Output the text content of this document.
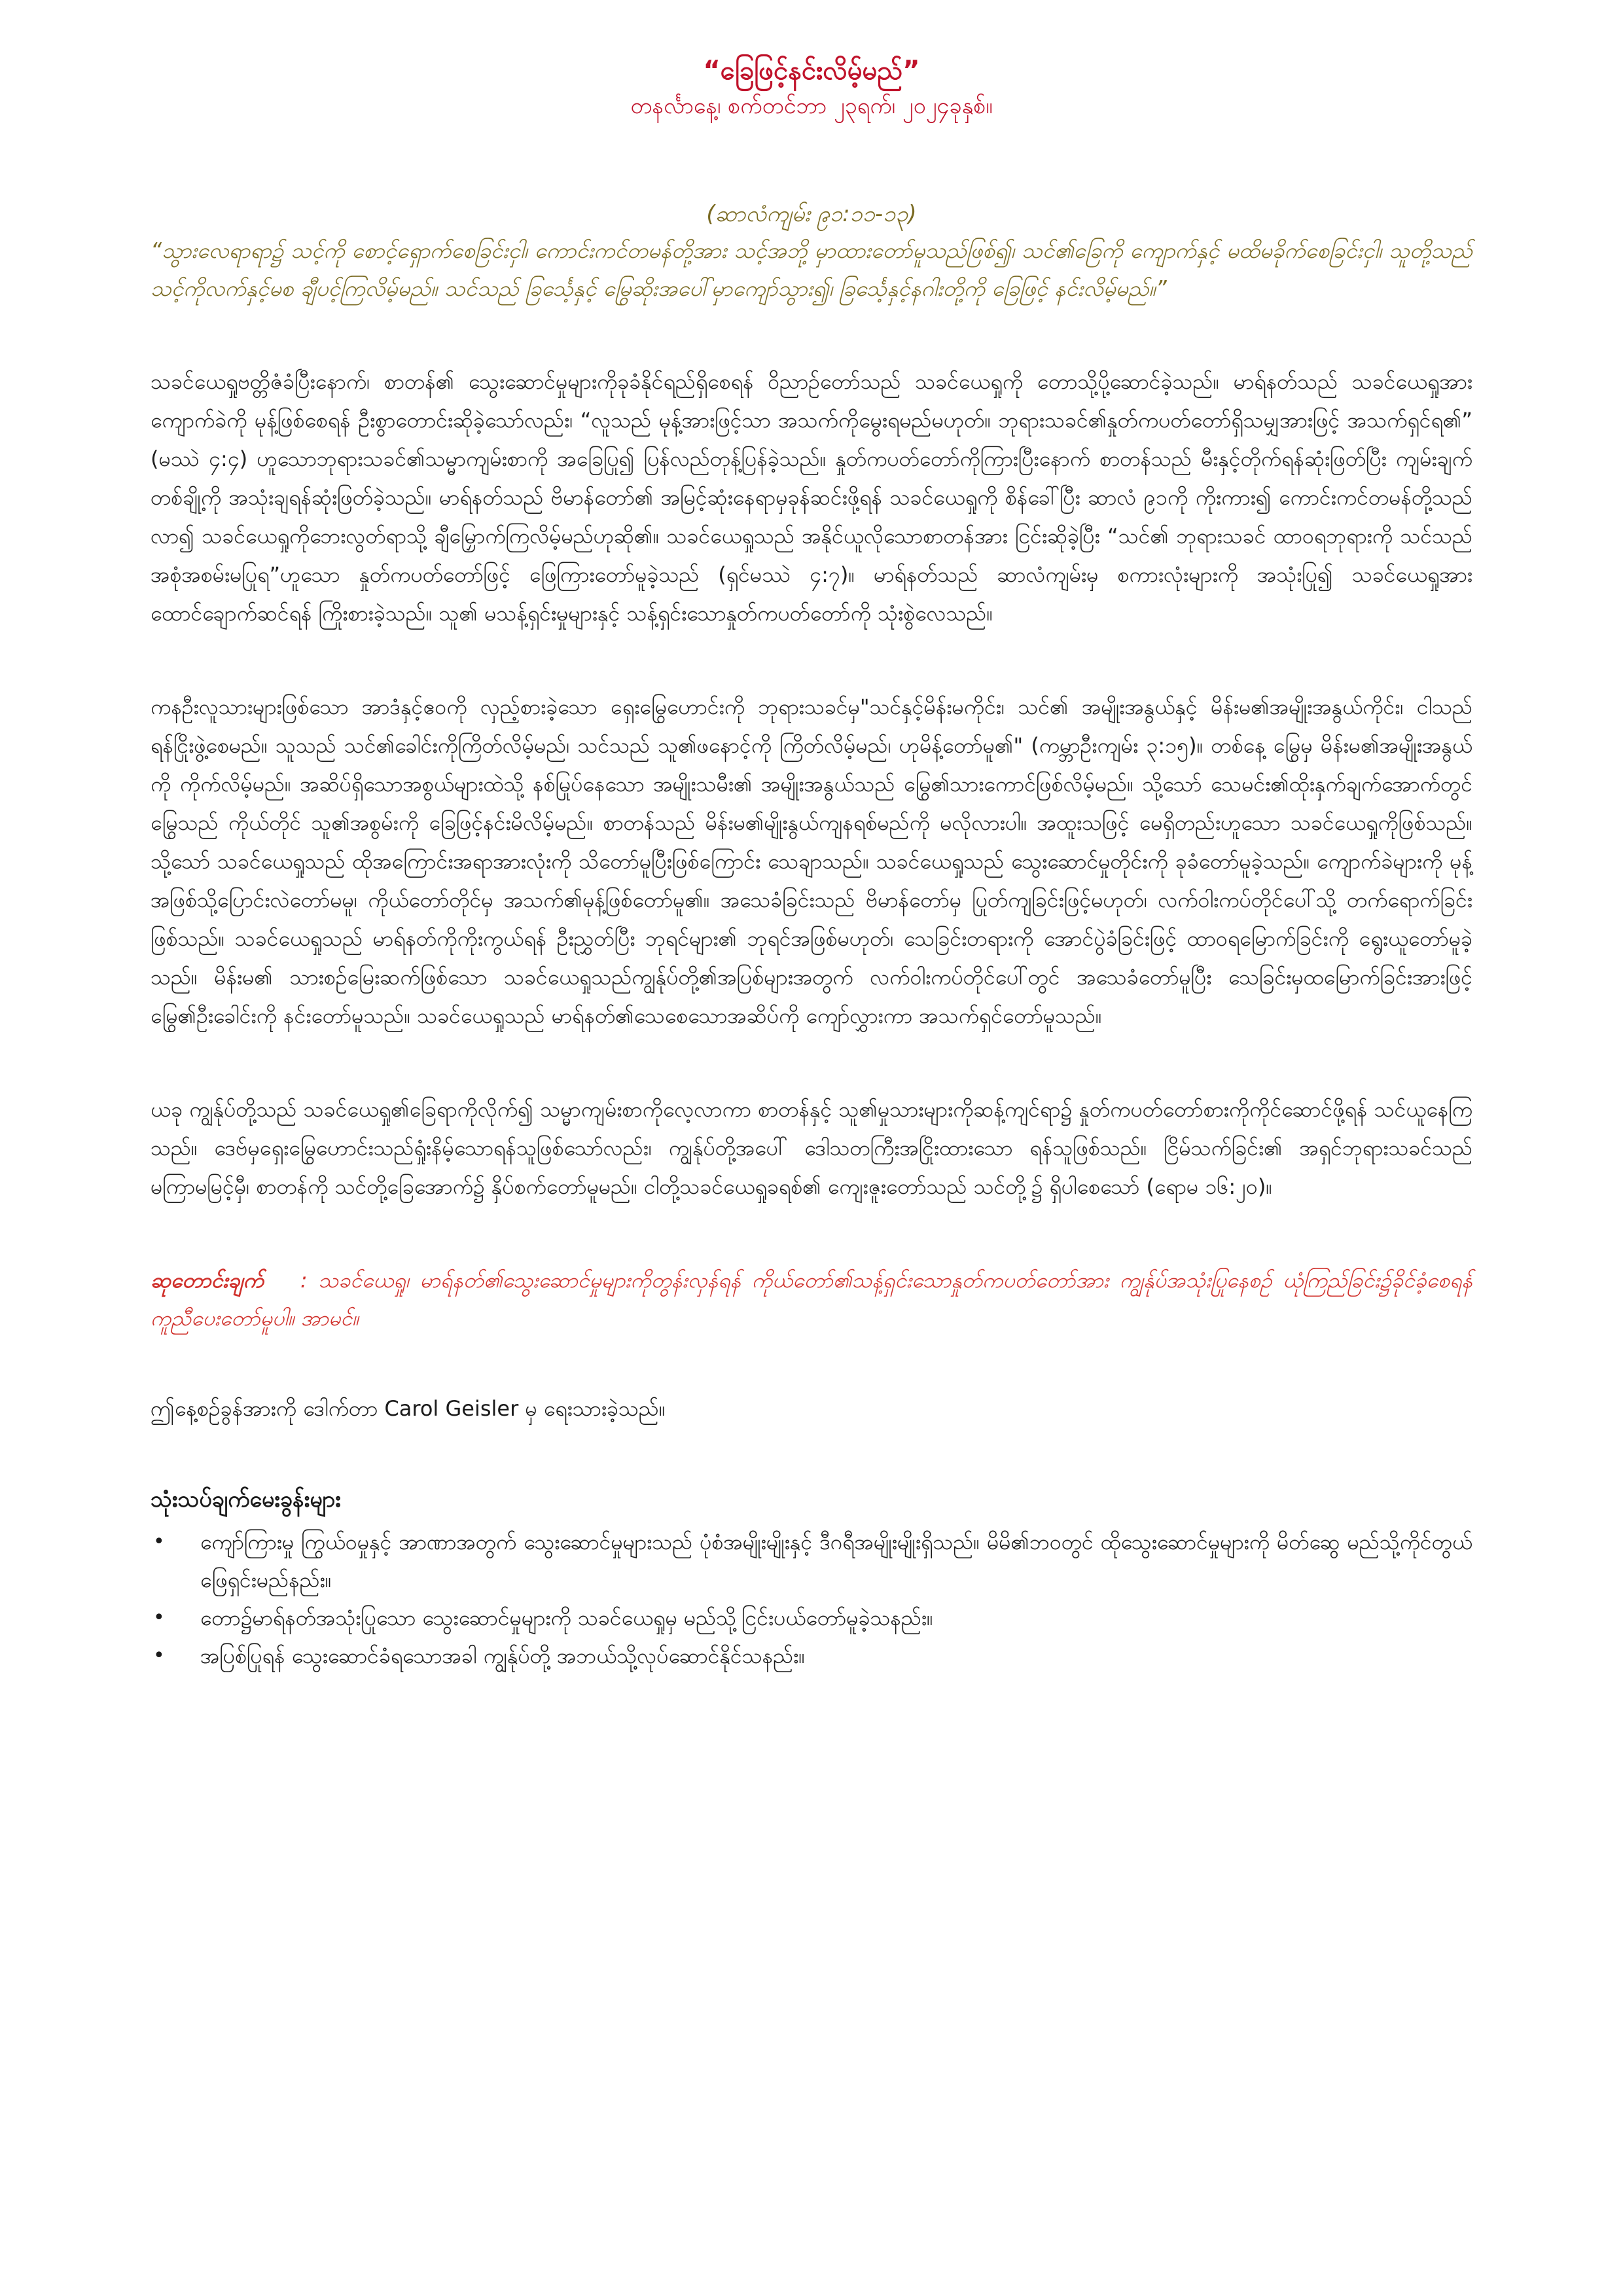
“ခြေဖြင့်နင်းလိမ့်မည်”

တနင်္လာနေ့၊ စက်တင်ဘာ ၂၃ရက်၊ ၂၀၂၄ခုနှစ်။

(ဆာလံကျမ်း ၉၁:၁၁-၁၃)

“သွားလေရာရာ၌ သင့်ကို စောင့်ရှောက်စေခြင်းငှါ၊ ကောင်းကင်တမန်တို့အား သင့်အဘို့ မှာထားတော်မူသည်ဖြစ်၍၊ သင်၏ခြေကို ကျောက်နှင့် မထိမခိုက်စေခြင်းငှါ၊ သူတို့သည် သင့်ကိုလက်နှင့်မစ ချီပင့်ကြလိမ့်မည်။ သင်သည် ခြင်္သေ့နှင့် မြွေဆိုးအပေါ်မှာကျော်သွား၍၊ ခြင်္သေ့နှင့်နဂါးတို့ကို ခြေဖြင့် နင်းလိမ့်မည်။”

သခင်ယေရှုဗတ္တိဇံခံပြီးနောက်၊ စာတန်၏ သွေးဆောင်မှုများကိုခုခံနိုင်ရည်ရှိစေရန် ဝိညာဉ်တော်သည် သခင်ယေရှုကို တောသို့ပို့ဆောင်ခဲ့သည်။ မာရ်နတ်သည် သခင်ယေရှုအား ကျောက်ခဲကို မုန့်ဖြစ်စေရန် ဦးစွာတောင်းဆိုခဲ့သော်လည်း၊ “လူသည် မုန့်အားဖြင့်သာ အသက်ကိုမွေးရမည်မဟုတ်။ ဘုရားသခင်၏နှုတ်ကပတ်တော်ရှိသမျှအားဖြင့် အသက်ရှင်ရ၏” (မဿဲ ၄:၄) ဟူသောဘုရားသခင်၏သမ္မာကျမ်းစာကို အခြေပြု၍ ပြန်လည်တုန့်ပြန်ခဲ့သည်။ နှုတ်ကပတ်တော်ကိုကြားပြီးနောက် စာတန်သည် မီးနှင့်တိုက်ရန်ဆုံးဖြတ်ပြီး ကျမ်းချက်တစ်ချို့ကို အသုံးချရန်ဆုံးဖြတ်ခဲ့သည်။ မာရ်နတ်သည် ဗိမာန်တော်၏ အမြင့်ဆုံးနေရာမှခုန်ဆင်းဖို့ရန် သခင်ယေရှုကို စိန်ခေါ်ပြီး ဆာလံ ၉၁ကို ကိုးကား၍ ကောင်းကင်တမန်တို့သည် လာ၍ သခင်ယေရှုကိုဘေးလွတ်ရာသို့ ချီမြှောက်ကြလိမ့်မည်ဟုဆို၏။ သခင်ယေရှုသည် အနိုင်ယူလိုသောစာတန်အား ငြင်းဆိုခဲ့ပြီး “သင်၏ ဘုရားသခင် ထာဝရဘုရားကို သင်သည် အစုံအစမ်းမပြုရ”ဟူသော နှုတ်ကပတ်တော်ဖြင့် ဖြေကြားတော်မူခဲ့သည် (ရှင်မဿဲ ၄:၇)။ မာရ်နတ်သည် ဆာလံကျမ်းမှ စကားလုံးများကို အသုံးပြု၍ သခင်ယေရှုအား ထောင်ချောက်ဆင်ရန် ကြိုးစားခဲ့သည်။ သူ၏ မသန့်ရှင်းမှုများနှင့် သန့်ရှင်းသောနှုတ်ကပတ်တော်ကို သုံးစွဲလေသည်။

ကနဦးလူသားများဖြစ်သော အာဒံနှင့်ဧဝကို လှည့်စားခဲ့သော ရှေးမြွေဟောင်းကို ဘုရားသခင်မှ"သင်နှင့်မိန်းမကိုင်း၊ သင်၏ အမျိုးအနွယ်နှင့် မိန်းမ၏အမျိုးအနွယ်ကိုင်း၊ ငါသည် ရန်ငြိုးဖွဲ့စေမည်။ သူသည် သင်၏ခေါင်းကိုကြိတ်လိမ့်မည်၊ သင်သည် သူ၏ဖနောင့်ကို ကြိတ်လိမ့်မည်၊ ဟုမိန့်တော်မူ၏" (ကမ္ဘာဦးကျမ်း ၃:၁၅)။ တစ်နေ့ မြွေမှ မိန်းမ၏အမျိုးအနွယ်ကို ကိုက်လိမ့်မည်။ အဆိပ်ရှိသောအစွယ်များထဲသို့ နစ်မြုပ်နေသော အမျိုးသမီး၏ အမျိုးအနွယ်သည် မြွေ၏သားကောင်ဖြစ်လိမ့်မည်။ သို့သော် သေမင်း၏ထိုးနှက်ချက်အောက်တွင် မြွေသည် ကိုယ်တိုင် သူ၏အစွမ်းကို ခြေဖြင့်နင်းမိလိမ့်မည်။ စာတန်သည် မိန်းမ၏မျိုးနွယ်ကျနရစ်မည်ကို မလိုလားပါ။ အထူးသဖြင့် မေရှိတည်းဟူသော သခင်ယေရှုကိုဖြစ်သည်။ သို့သော် သခင်ယေရှုသည် ထိုအကြောင်းအရာအားလုံးကို သိတော်မူပြီးဖြစ်ကြောင်း သေချာသည်။ သခင်ယေရှုသည် သွေးဆောင်မှုတိုင်းကို ခုခံတော်မူခဲ့သည်။ ကျောက်ခဲများကို မုန့်အဖြစ်သို့ပြောင်းလဲတော်မမူ၊ ကိုယ်တော်တိုင်မှ အသက်၏မုန့်ဖြစ်တော်မူ၏။ အသေခံခြင်းသည် ဗိမာန်တော်မှ ပြုတ်ကျခြင်းဖြင့်မဟုတ်၊ လက်ဝါးကပ်တိုင်ပေါ်သို့ တက်ရောက်ခြင်းဖြစ်သည်။ သခင်ယေရှုသည် မာရ်နတ်ကိုကိုးကွယ်ရန် ဦးညွှတ်ပြီး ဘုရင်များ၏ ဘုရင်အဖြစ်မဟုတ်၊ သေခြင်းတရားကို အောင်ပွဲခံခြင်းဖြင့် ထာဝရမြောက်ခြင်းကို ရွေးယူတော်မူခဲ့သည်။ မိန်းမ၏ သားစဉ်မြေးဆက်ဖြစ်သော သခင်ယေရှုသည်ကျွန်ုပ်တို့၏အပြစ်များအတွက် လက်ဝါးကပ်တိုင်ပေါ်တွင် အသေခံတော်မူပြီး သေခြင်းမှထမြောက်ခြင်းအားဖြင့် မြွေ၏ဦးခေါင်းကို နင်းတော်မူသည်။ သခင်ယေရှုသည် မာရ်နတ်၏သေစေသောအဆိပ်ကို ကျော်လွှားကာ အသက်ရှင်တော်မူသည်။

ယခု ကျွန်ုပ်တို့သည် သခင်ယေရှု၏ခြေရာကိုလိုက်၍ သမ္မာကျမ်းစာကိုလေ့လာကာ စာတန်နှင့် သူ၏မှုသားများကိုဆန့်ကျင်ရာ၌ နှုတ်ကပတ်တော်စားကိုကိုင်ဆောင်ဖို့ရန် သင်ယူနေကြသည်။ ဒေဗ်မှရှေးမြွေဟောင်းသည်ရှုံးနိမ့်သောရန်သူဖြစ်သော်လည်း၊ ကျွန်ုပ်တို့အပေါ် ဒေါသတကြီးအငြိုးထားသော ရန်သူဖြစ်သည်။ ငြိမ်သက်ခြင်း၏ အရှင်ဘုရားသခင်သည် မကြာမမြင့်မှီ၊ စာတန်ကို သင်တို့ခြေအောက်၌ နှိပ်စက်တော်မူမည်။ ငါတို့သခင်ယေရှုခရစ်၏ ကျေးဇူးတော်သည် သင်တို့၌ ရှိပါစေသော် (ရောမ ၁၆:၂၀)။

ဆုတောင်းချက် : သခင်ယေရှု၊ မာရ်နတ်၏သွေးဆောင်မှုများကိုတွန်းလှန်ရန် ကိုယ်တော်၏သန့်ရှင်းသောနှုတ်ကပတ်တော်အား ကျွန်ုပ်အသုံးပြုနေစဉ် ယုံကြည်ခြင်း၌ခိုင်ခံ့စေရန်ကူညီပေးတော်မူပါ။ အာမင်။

ဤနေ့စဉ်ခွန်အားကို ဒေါက်တာ Carol Geisler မှ ရေးသားခဲ့သည်။

သုံးသပ်ချက်မေးခွန်းများ
• ကျော်ကြားမှု ကြွယ်ဝမှုနှင့် အာဏာအတွက် သွေးဆောင်မှုများသည် ပုံစံအမျိုးမျိုးနှင့် ဒီဂရီအမျိုးမျိုးရှိသည်။ မိမိ၏ဘဝတွင် ထိုသွေးဆောင်မှုများကို မိတ်ဆွေ မည်သို့ကိုင်တွယ်ဖြေရှင်းမည်နည်း။
• တော၌မာရ်နတ်အသုံးပြုသော သွေးဆောင်မှုများကို သခင်ယေရှုမှ မည်သို့ငြင်းပယ်တော်မူခဲ့သနည်း။
• အပြစ်ပြုရန် သွေးဆောင်ခံရသောအခါ ကျွန်ုပ်တို့ အဘယ်သို့လုပ်ဆောင်နိုင်သနည်း။
